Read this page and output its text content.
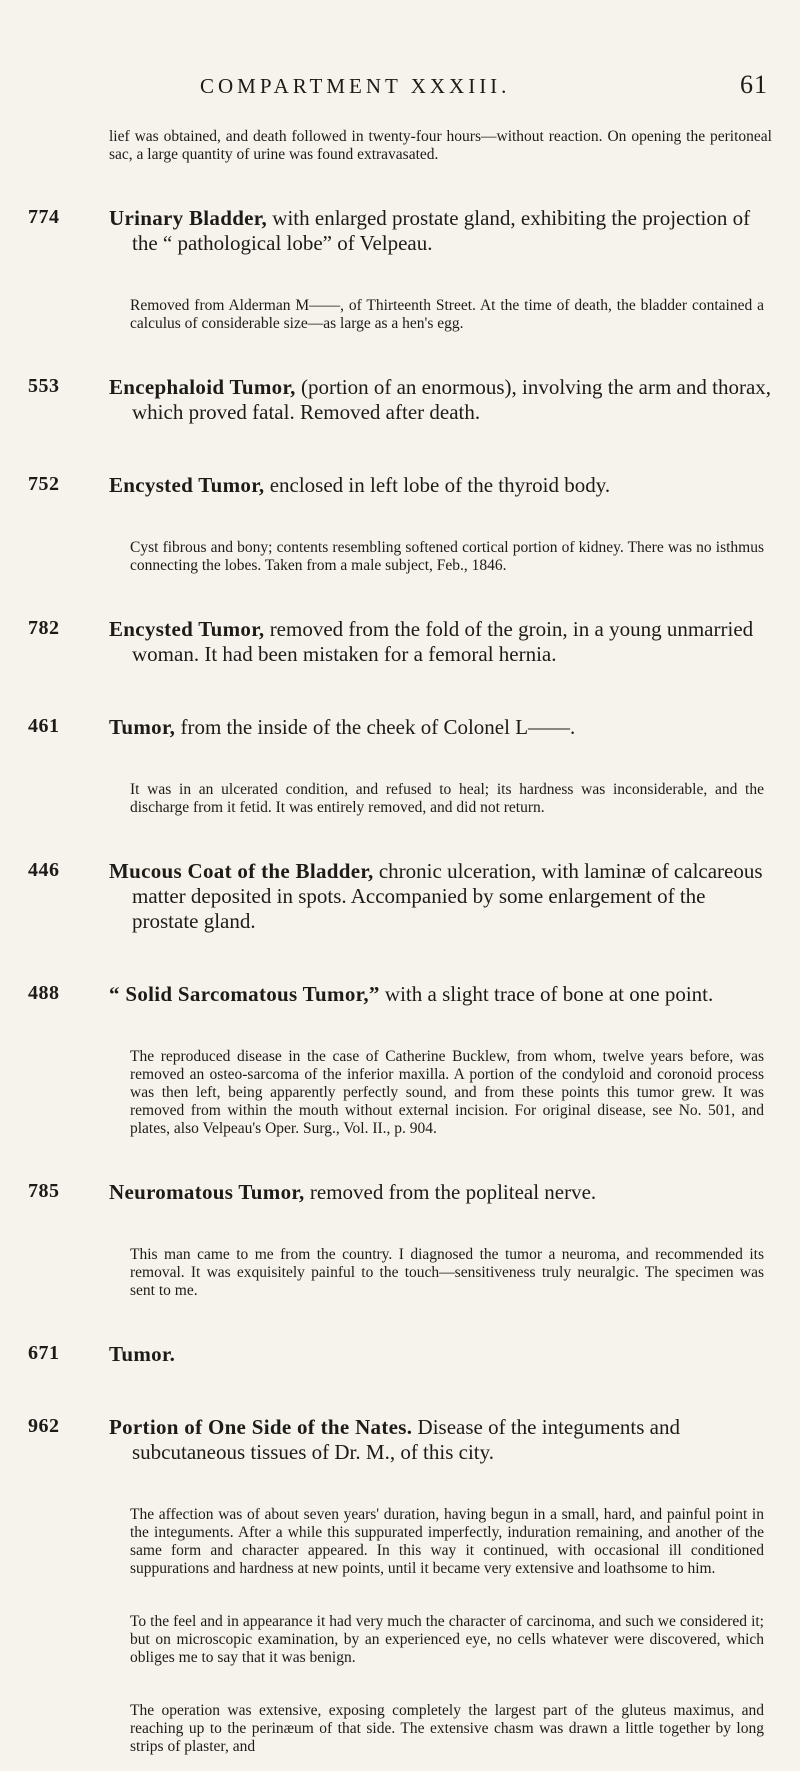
COMPARTMENT XXXIII.	61

lief was obtained, and death followed in twenty-four hours—without reaction. On opening the peritoneal sac, a large quantity of urine was found extravasated.

774	Urinary Bladder, with enlarged prostate gland, exhibiting the projection of the “ pathological lobe” of Velpeau.

Removed from Alderman M——, of Thirteenth Street. At the time of death, the bladder contained a calculus of considerable size—as large as a hen's egg.

553	Encephaloid Tumor, (portion of an enormous), involving the arm and thorax, which proved fatal. Removed after death.

752	Encysted Tumor, enclosed in left lobe of the thyroid body.

Cyst fibrous and bony; contents resembling softened cortical portion of kidney. There was no isthmus connecting the lobes. Taken from a male subject, Feb., 1846.

782	Encysted Tumor, removed from the fold of the groin, in a young unmarried woman. It had been mistaken for a femoral hernia.

461	Tumor, from the inside of the cheek of Colonel L——.

It was in an ulcerated condition, and refused to heal; its hardness was inconsiderable, and the discharge from it fetid. It was entirely removed, and did not return.

446	Mucous Coat of the Bladder, chronic ulceration, with laminæ of calcareous matter deposited in spots. Accompanied by some enlargement of the prostate gland.

488	“ Solid Sarcomatous Tumor,” with a slight trace of bone at one point.

The reproduced disease in the case of Catherine Bucklew, from whom, twelve years before, was removed an osteo-sarcoma of the inferior maxilla. A portion of the condyloid and coronoid process was then left, being apparently perfectly sound, and from these points this tumor grew. It was removed from within the mouth without external incision. For original disease, see No. 501, and plates, also Velpeau's Oper. Surg., Vol. II., p. 904.

785	Neuromatous Tumor, removed from the popliteal nerve.

This man came to me from the country. I diagnosed the tumor a neuroma, and recommended its removal. It was exquisitely painful to the touch—sensitiveness truly neuralgic. The specimen was sent to me.

671	Tumor.

962	Portion of One Side of the Nates. Disease of the integuments and subcutaneous tissues of Dr. M., of this city.

The affection was of about seven years' duration, having begun in a small, hard, and painful point in the integuments. After a while this suppurated imperfectly, induration remaining, and another of the same form and character appeared. In this way it continued, with occasional ill conditioned suppurations and hardness at new points, until it became very extensive and loathsome to him.

To the feel and in appearance it had very much the character of carcinoma, and such we considered it; but on microscopic examination, by an experienced eye, no cells whatever were discovered, which obliges me to say that it was benign.

The operation was extensive, exposing completely the largest part of the gluteus maximus, and reaching up to the perinæum of that side. The extensive chasm was drawn a little together by long strips of plaster, and
